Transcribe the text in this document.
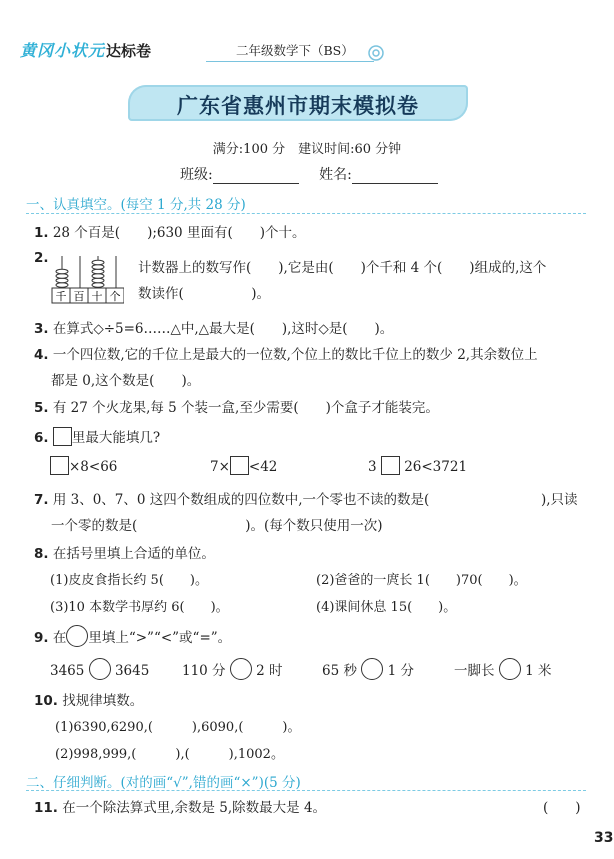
黄冈小状元 达标卷	二年级数学下（BS）
广东省惠州市期末模拟卷
满分:100 分　建议时间:60 分钟
班级:	姓名:
一、认真填空。(每空 1 分,共 28 分)
1. 28 个百是(　　);630 里面有(　　)个十。
2.
千 百 十 个
计数器上的数写作(　　),它是由(　　)个千和 4 个(　　)组成的,这个
数读作(　　　　　)。
3. 在算式◇÷5=6……△中,△最大是(　　),这时◇是(　　)。
4. 一个四位数,它的千位上是最大的一位数,个位上的数比千位上的数少 2,其余数位上
都是 0,这个数是(　　)。
5. 有 27 个火龙果,每 5 个装一盒,至少需要(　　)个盒子才能装完。
6. 里最大能填几?
×8<66	7× <42	3 26<3721
7. 用 3、0、7、0 这四个数组成的四位数中,一个零也不读的数是(	),只读
一个零的数是(　　　　　　　　)。(每个数只使用一次)
8. 在括号里填上合适的单位。
(1)皮皮食指长约 5(　　)。	(2)爸爸的一庹长 1(　　)70(　　)。
(3)10 本数学书厚约 6(　　)。	(4)课间休息 15(　　)。
9. 在 里填上“>”“<”或“=”。
3465 3645 110 分 2 时	65 秒 1 分	一脚长 1 米
10. 找规律填数。
(1)6390,6290,(　　　),6090,(　　　)。
(2)998,999,(　　　),(　　　),1002。
二、仔细判断。(对的画“√”,错的画“×”)(5 分)
11. 在一个除法算式里,余数是 5,除数最大是 4。	(　　)
33
